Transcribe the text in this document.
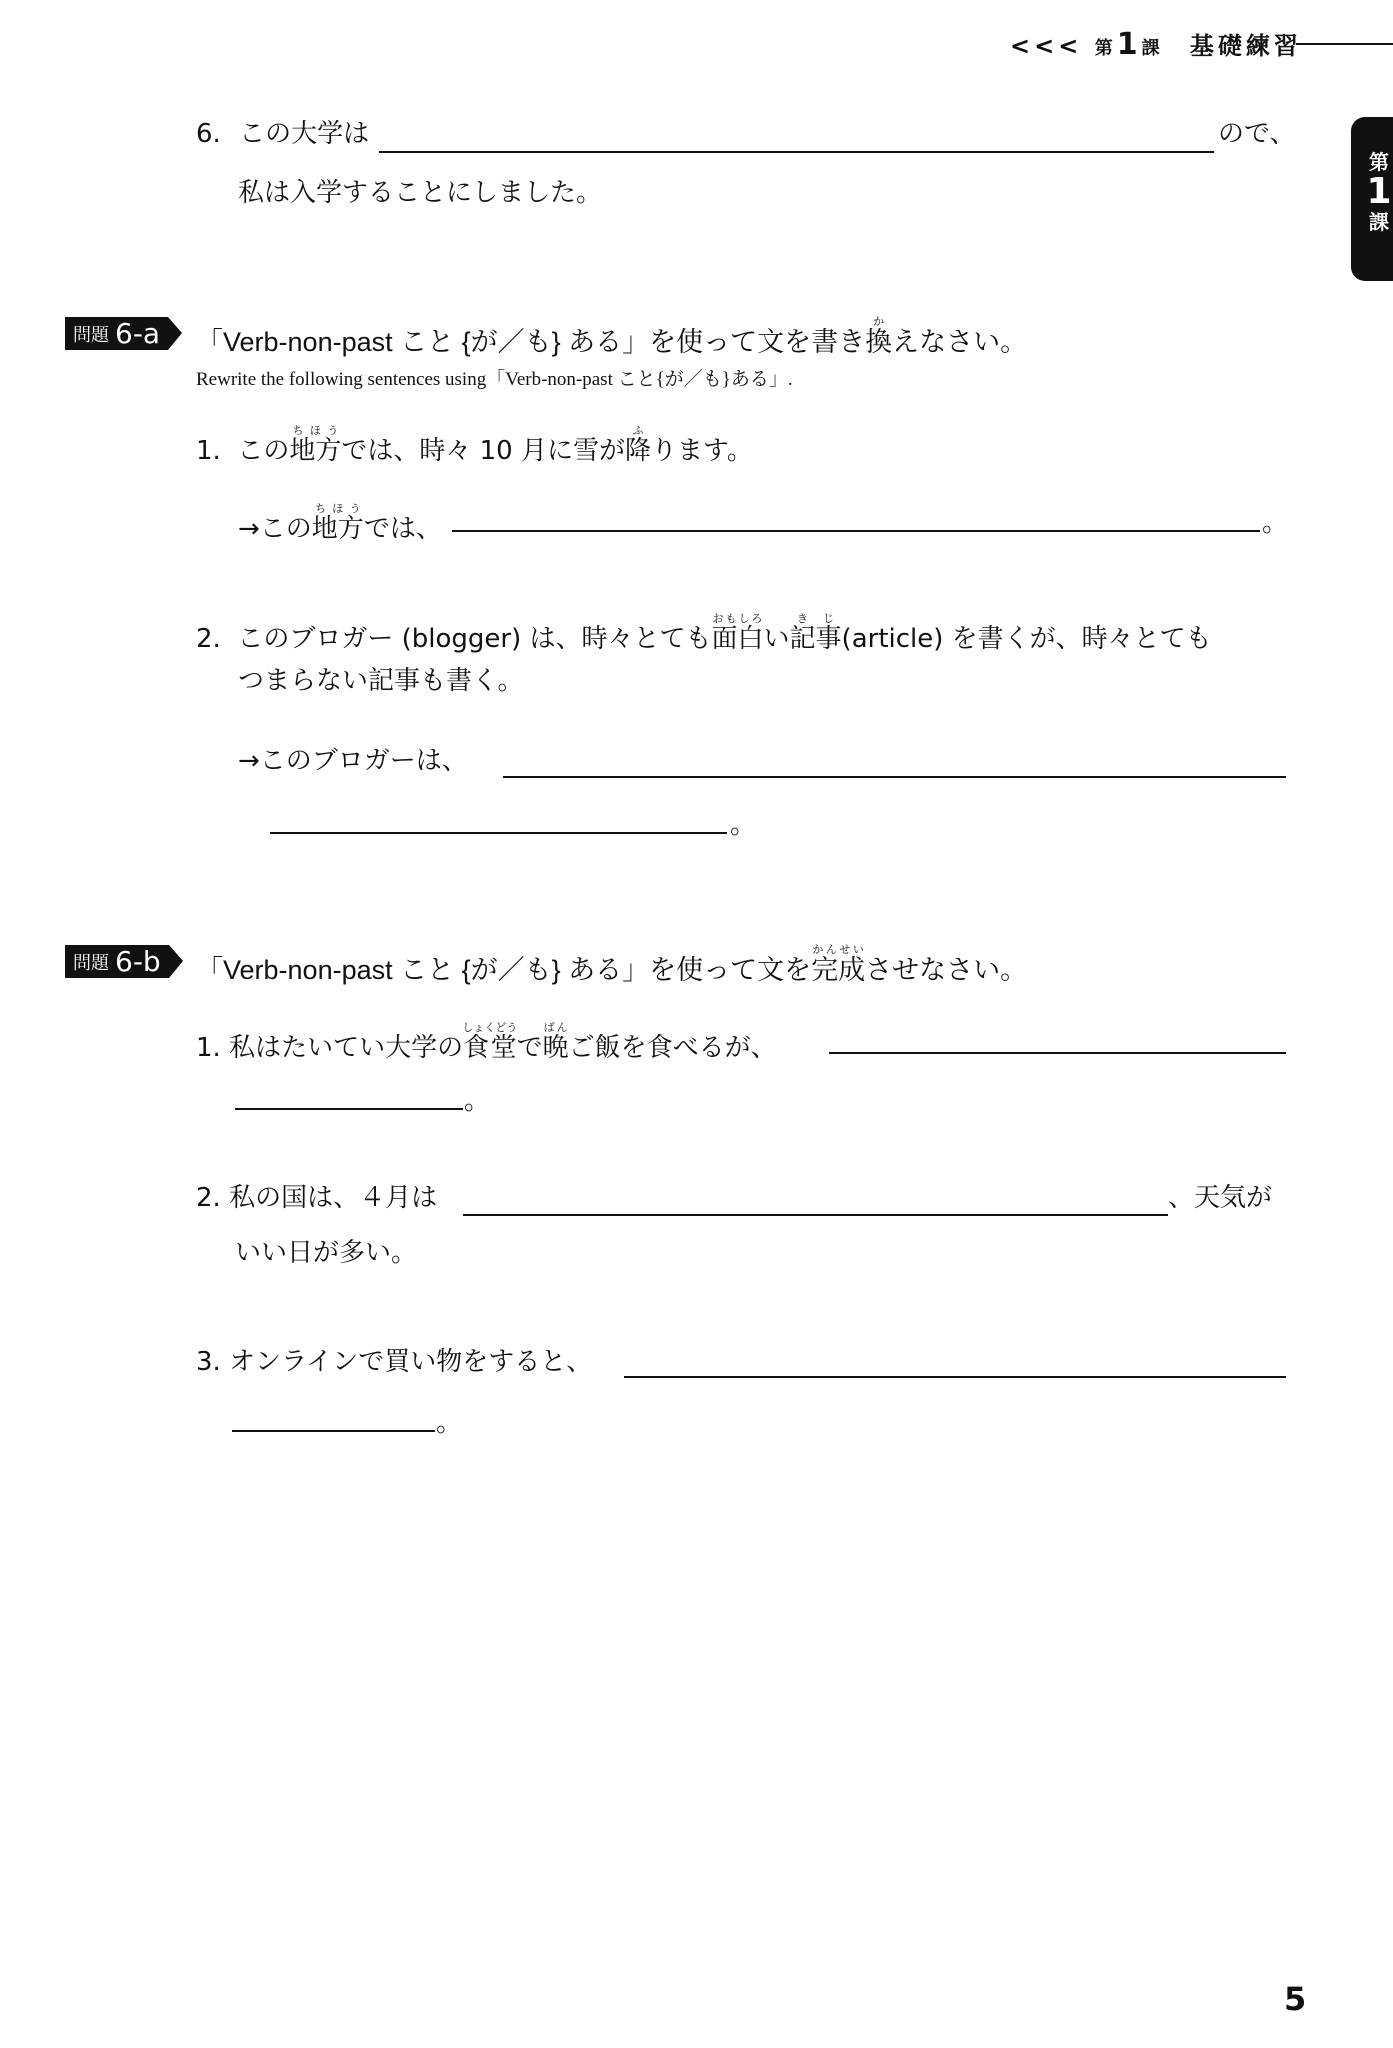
<<< 第1課 基礎練習
第
1
課
6. この大学は	ので、
私は入学することにしました。
問題 6-a 「Verb-non-past こと {が／も} ある」を使って文を書き換かえなさい。
Rewrite the following sentences using「Verb-non-past こと{が／も}ある」.
1. この地方ちほうでは、時々 10 月に雪が降ふります。
→この地方ちほうでは、	。
2. このブロガー (blogger) は、時々とても面白おもしろい記事きじ(article) を書くが、時々とても
つまらない記事も書く。
→このブロガーは、
。
問題 6-b 「Verb-non-past こと {が／も} ある」を使って文を完成かんせいさせなさい。
1. 私はたいてい大学の食堂しょくどうで晩ばんご飯を食べるが、
。
2. 私の国は、４月は	、天気が
いい日が多い。
3. オンラインで買い物をすると、
。
5
